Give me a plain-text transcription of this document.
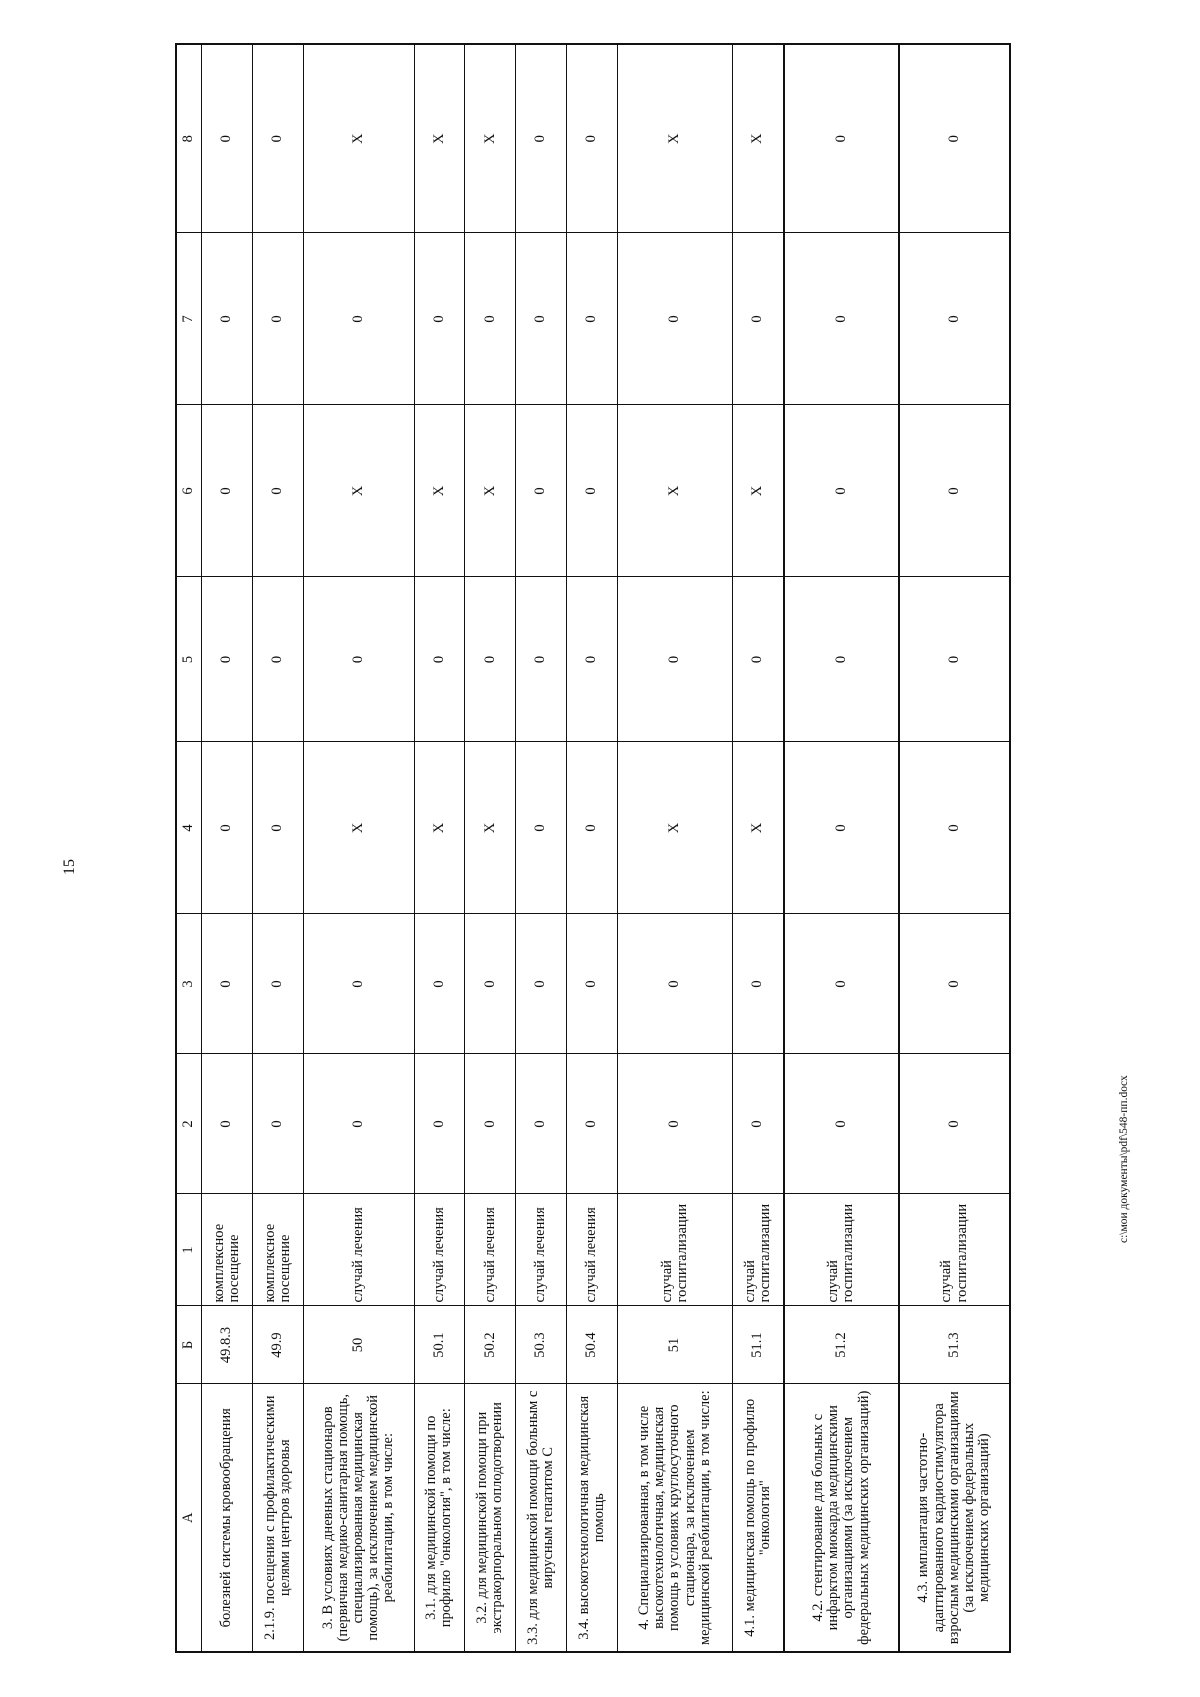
15
А	Б	1	2	3	4	5	6	7	8
болезней системы кровообращения	49.8.3	комплексное посещение	0	0	0	0	0	0	0
2.1.9. посещения с профилактическими целями центров здоровья	49.9	комплексное посещение	0	0	0	0	0	0	0
3. В условиях дневных стационаров (первичная медико-санитарная помощь, специализированная медицинская помощь), за исключением медицинской реабилитации, в том числе:	50	случай лечения	0	0	X	0	X	0	X
3.1. для медицинской помощи по профилю "онкология", в том числе:	50.1	случай лечения	0	0	X	0	X	0	X
3.2. для медицинской помощи при экстракорпоральном оплодотворении	50.2	случай лечения	0	0	X	0	X	0	X
3.3. для медицинской помощи больным с вирусным гепатитом С	50.3	случай лечения	0	0	0	0	0	0	0
3.4. высокотехнологичная медицинская помощь	50.4	случай лечения	0	0	0	0	0	0	0
4. Специализированная, в том числе высокотехнологичная, медицинская помощь в условиях круглосуточного стационара, за исключением медицинской реабилитации, в том числе:	51	случай госпитализации	0	0	X	0	X	0	X
4.1. медицинская помощь по профилю "онкология"	51.1	случай госпитализации	0	0	X	0	X	0	X
4.2. стентирование для больных с инфарктом миокарда медицинскими организациями (за исключением федеральных медицинских организаций)	51.2	случай госпитализации	0	0	0	0	0	0	0
4.3. имплантация частотно-адаптированного кардиостимулятора взрослым медицинскими организациями (за исключением федеральных медицинских организаций)	51.3	случай госпитализации	0	0	0	0	0	0	0
c:\мои документы\pdf\548-пп.docx
